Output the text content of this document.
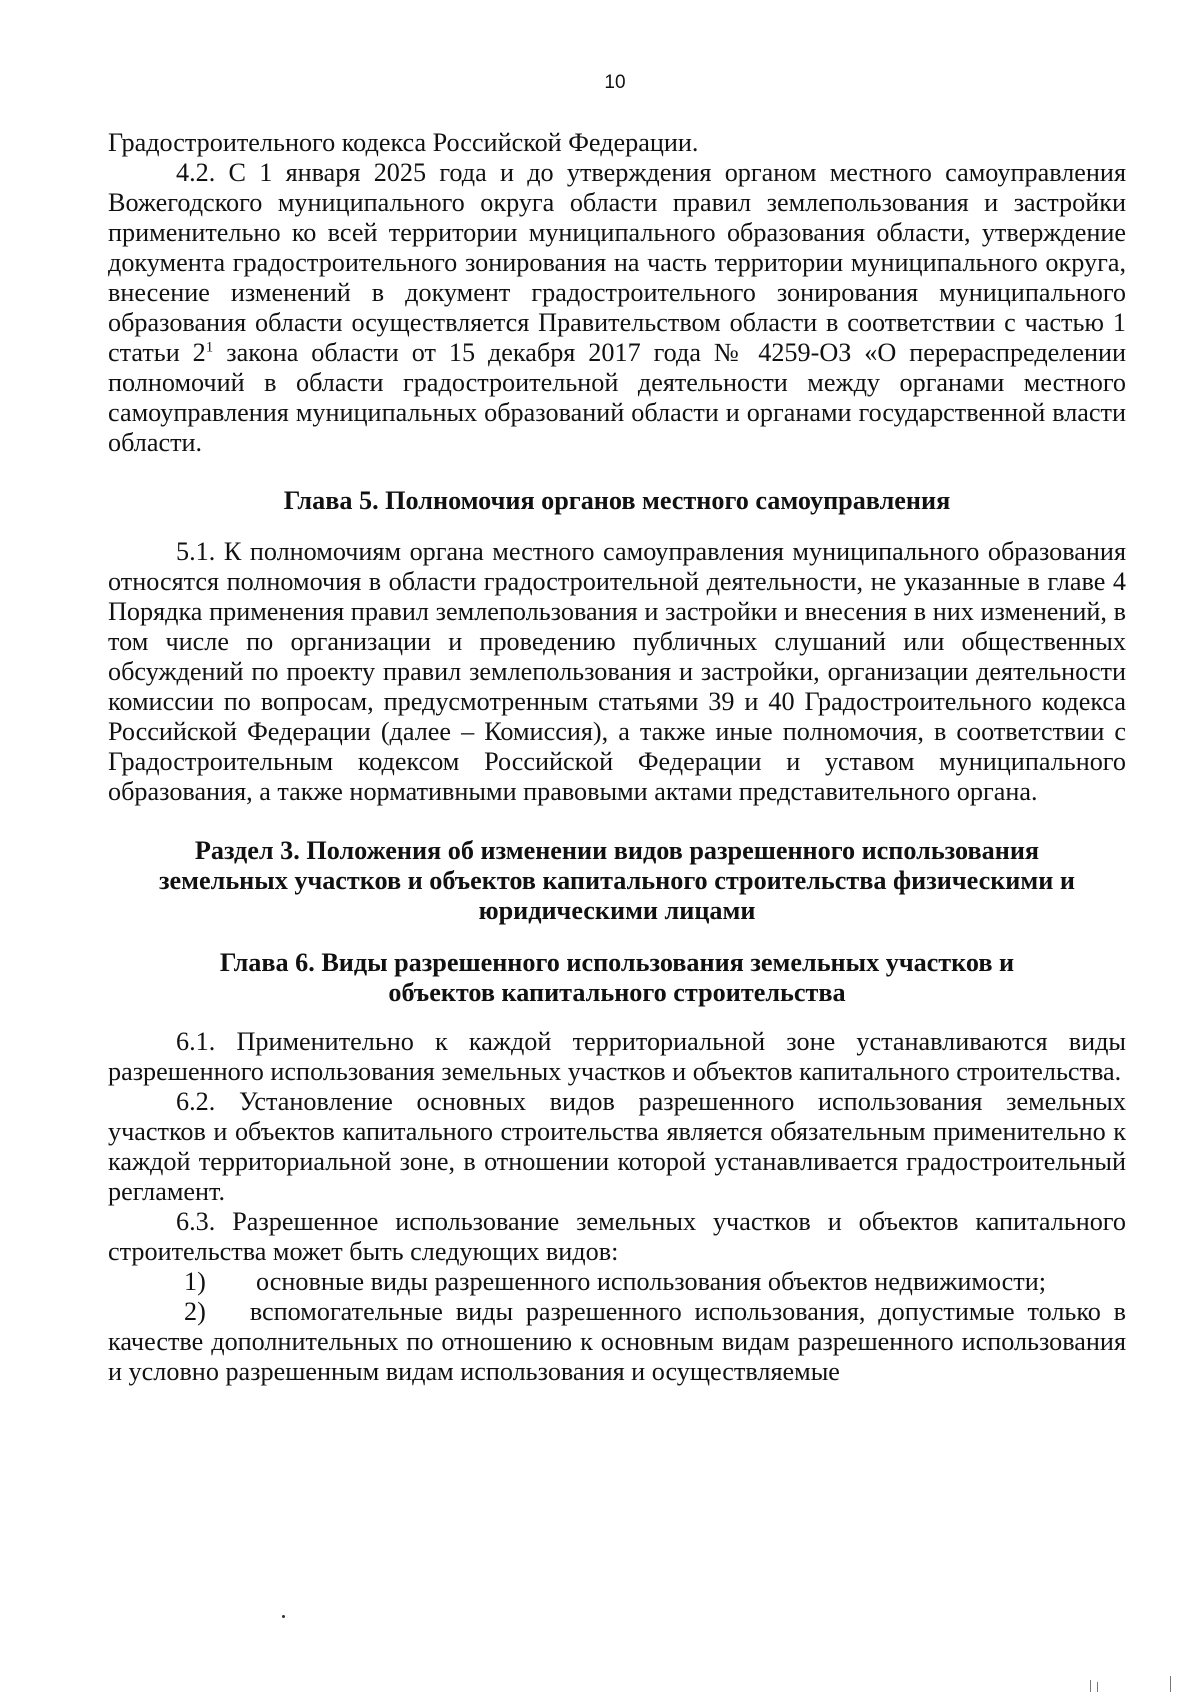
10

Градостроительного кодекса Российской Федерации.

4.2. С 1 января 2025 года и до утверждения органом местного самоуправления Вожегодского муниципального округа области правил землепользования и застройки применительно ко всей территории муниципального образования области, утверждение документа градостроительного зонирования на часть территории муниципального округа, внесение изменений в документ градостроительного зонирования муниципального образования области осуществляется Правительством области в соответствии с частью 1 статьи $2^1$ закона области от 15 декабря 2017 года № 4259-ОЗ «О перераспределении полномочий в области градостроительной деятельности между органами местного самоуправления муниципальных образований области и органами государственной власти области.

Глава 5. Полномочия органов местного самоуправления

5.1. К полномочиям органа местного самоуправления муниципального образования относятся полномочия в области градостроительной деятельности, не указанные в главе 4 Порядка применения правил землепользования и застройки и внесения в них изменений, в том числе по организации и проведению публичных слушаний или общественных обсуждений по проекту правил землепользования и застройки, организации деятельности комиссии по вопросам, предусмотренным статьями 39 и 40 Градостроительного кодекса Российской Федерации (далее – Комиссия), а также иные полномочия, в соответствии с Градостроительным кодексом Российской Федерации и уставом муниципального образования, а также нормативными правовыми актами представительного органа.

Раздел 3. Положения об изменении видов разрешенного использования
земельных участков и объектов капитального строительства физическими и
юридическими лицами
Глава 6. Виды разрешенного использования земельных участков и
объектов капитального строительства

6.1. Применительно к каждой территориальной зоне устанавливаются виды разрешенного использования земельных участков и объектов капитального строительства.

6.2. Установление основных видов разрешенного использования земельных участков и объектов капитального строительства является обязательным применительно к каждой территориальной зоне, в отношении которой устанавливается градостроительный регламент.

6.3. Разрешенное использование земельных участков и объектов капитального строительства может быть следующих видов:

1)	основные виды разрешенного использования объектов недвижимости;

2) вспомогательные виды разрешенного использования, допустимые только в качестве дополнительных по отношению к основным видам разрешенного использования и условно разрешенным видам использования и осуществляемые
